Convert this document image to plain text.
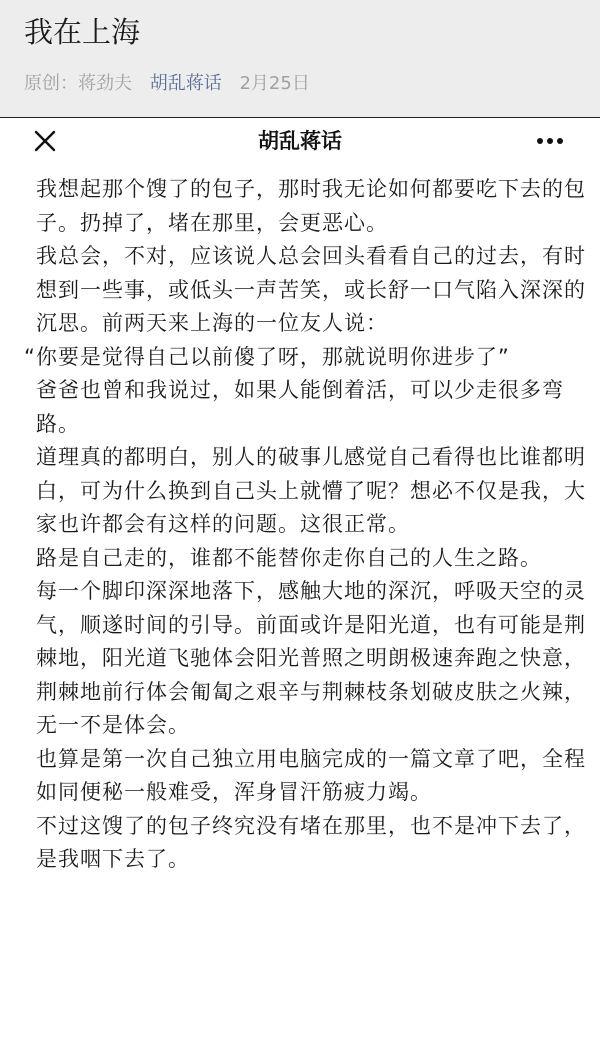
我在上海
原创：蒋劲夫 胡乱蒋话 2月25日
胡乱蒋话

我想起那个馊了的包子，那时我无论如何都要吃下去的包子。扔掉了，堵在那里，会更恶心。

我总会，不对，应该说人总会回头看看自己的过去，有时想到一些事，或低头一声苦笑，或长舒一口气陷入深深的沉思。前两天来上海的一位友人说：

“你要是觉得自己以前傻了呀，那就说明你进步了”

爸爸也曾和我说过，如果人能倒着活，可以少走很多弯路。

道理真的都明白，别人的破事儿感觉自己看得也比谁都明白，可为什么换到自己头上就懵了呢？想必不仅是我，大家也许都会有这样的问题。这很正常。

路是自己走的，谁都不能替你走你自己的人生之路。

每一个脚印深深地落下，感触大地的深沉，呼吸天空的灵气，顺遂时间的引导。前面或许是阳光道，也有可能是荆棘地，阳光道飞驰体会阳光普照之明朗极速奔跑之快意，荆棘地前行体会匍匐之艰辛与荆棘枝条划破皮肤之火辣，无一不是体会。

也算是第一次自己独立用电脑完成的一篇文章了吧，全程如同便秘一般难受，浑身冒汗筋疲力竭。

不过这馊了的包子终究没有堵在那里，也不是冲下去了，是我咽下去了。
